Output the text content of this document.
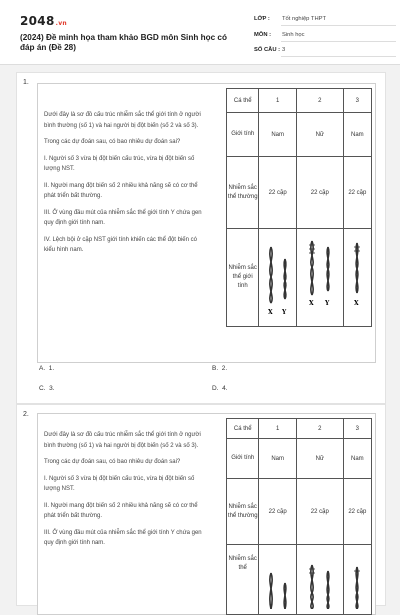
2048.vn
(2024) Đề minh họa tham khảo BGD môn Sinh học có đáp án (Đề 28)
LỚP : Tốt nghiệp THPT
MÔN : Sinh học
SỐ CÂU : 3
1.

Dưới đây là sơ đồ cấu trúc nhiễm sắc thể giới tính ở người bình thường (số 1) và hai người bị đột biến (số 2 và số 3).

Trong các dự đoán sau, có bao nhiêu dự đoán sai?

I. Người số 3 vừa bị đột biến cấu trúc, vừa bị đột biến số lượng NST.

II. Người mang đột biến số 2 nhiều khả năng sẽ có cơ thể phát triển bất thường.

III. Ở vùng đầu mút của nhiễm sắc thể giới tính Y chứa gen quy định giới tính nam.

IV. Lệch bội ở cặp NST giới tính khiến các thể đột biến có kiểu hình nam.

Cá thể	1	2	3
Giới tính	Nam	Nữ	Nam
Nhiễm sắc thể thường	22 cặp	22 cặp	22 cặp
Nhiễm sắc thể giới tính	X Y	X Y	X
A. 1.	B. 2.
C. 3.	D. 4.
2.

Dưới đây là sơ đồ cấu trúc nhiễm sắc thể giới tính ở người bình thường (số 1) và hai người bị đột biến (số 2 và số 3).

Trong các dự đoán sau, có bao nhiêu dự đoán sai?

I. Người số 3 vừa bị đột biến cấu trúc, vừa bị đột biến số lượng NST.

II. Người mang đột biến số 2 nhiều khả năng sẽ có cơ thể phát triển bất thường.

III. Ở vùng đầu mút của nhiễm sắc thể giới tính Y chứa gen quy định giới tính nam.

Cá thể	1	2	3
Giới tính	Nam	Nữ	Nam
Nhiễm sắc thể thường	22 cặp	22 cặp	22 cặp
Nhiễm sắc thể			
